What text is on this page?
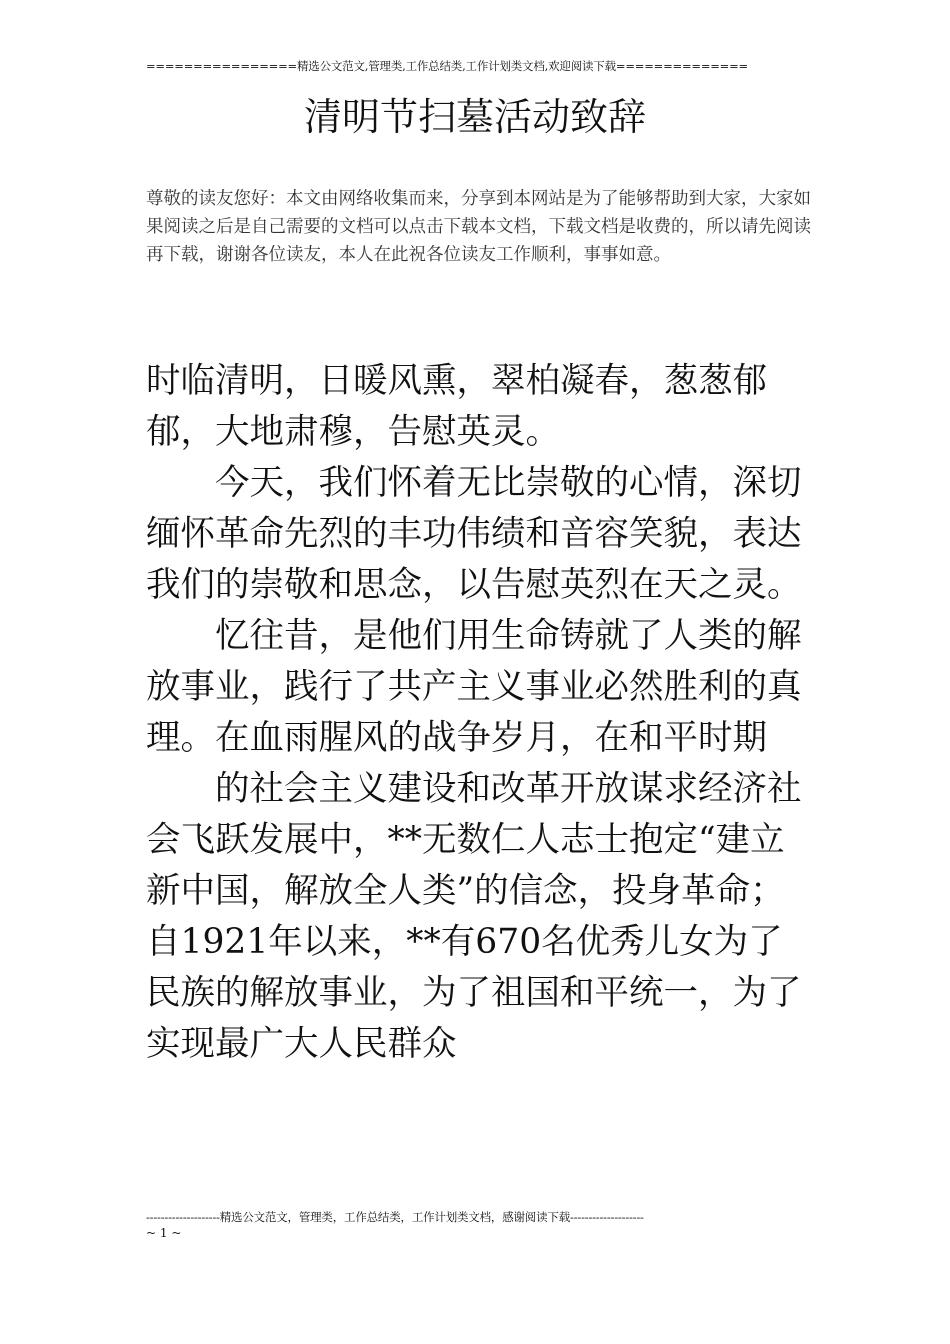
================精选公文范文,管理类,工作总结类,工作计划类文档,欢迎阅读下载==============
清明节扫墓活动致辞

尊敬的读友您好：本文由网络收集而来，分享到本网站是为了能够帮助到大家，大家如果阅读之后是自己需要的文档可以点击下载本文档，下载文档是收费的，所以请先阅读再下载，谢谢各位读友，本人在此祝各位读友工作顺利，事事如意。

时临清明，日暖风熏，翠柏凝春，葱葱郁郁，大地肃穆，告慰英灵。

今天，我们怀着无比崇敬的心情，深切缅怀革命先烈的丰功伟绩和音容笑貌，表达我们的崇敬和思念，以告慰英烈在天之灵。

忆往昔，是他们用生命铸就了人类的解放事业，践行了共产主义事业必然胜利的真理。在血雨腥风的战争岁月，在和平时期

的社会主义建设和改革开放谋求经济社会飞跃发展中，**无数仁人志士抱定“建立新中国，解放全人类”的信念，投身革命；自1921年以来，**有670名优秀儿女为了民族的解放事业，为了祖国和平统一，为了实现最广大人民群众

--------------------精选公文范文，管理类，工作总结类，工作计划类文档，感谢阅读下载--------------------
~ 1 ~
